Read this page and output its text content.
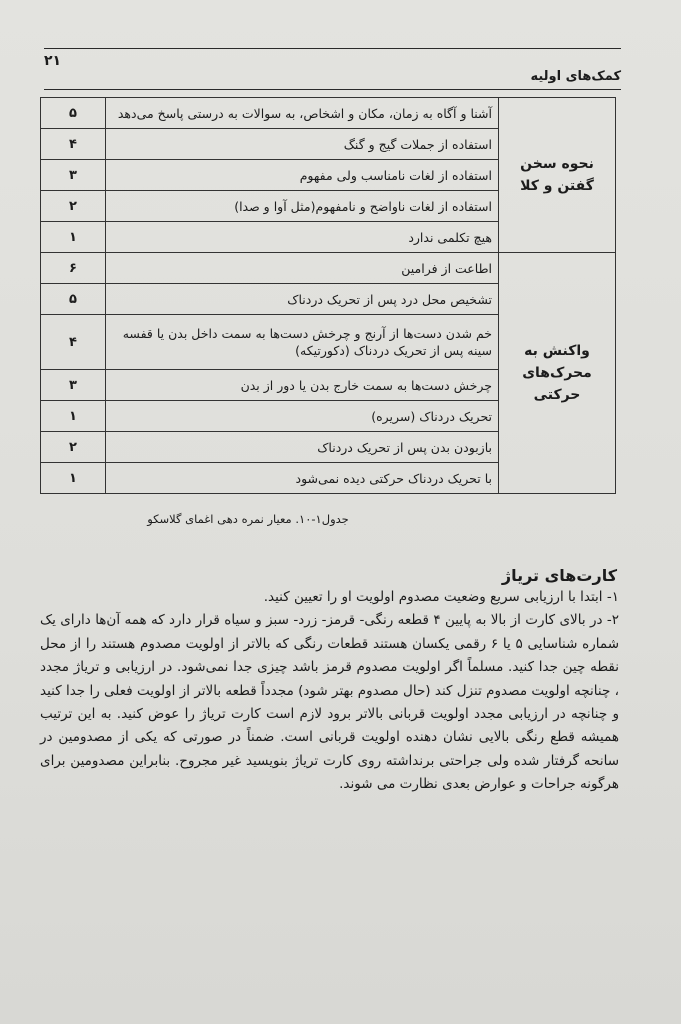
۲۱
کمک‌های اولیه
نحوه سخن گفتن و کلا	آشنا و آگاه به زمان، مکان و اشخاص، به سوالات به درستی پاسخ می‌دهد	۵
	استفاده از جملات گیج و گنگ	۴
	استفاده از لغات نامناسب ولی مفهوم	۳
	استفاده از لغات ناواضح و نامفهوم(مثل آوا و صدا)	۲
	هیچ تکلمی ندارد	۱
واکنش به محرک‌های حرکتی	اطاعت از فرامین	۶
	تشخیص محل درد پس از تحریک دردناک	۵
	خم شدن دست‌ها از آرنج و چرخش دست‌ها به سمت داخل بدن یا قفسه سینه پس از تحریک دردناک (دکورتیکه)	۴
	چرخش دست‌ها به سمت خارج بدن یا دور از بدن	۳
	تحریک دردناک (سریره)	۱
	بازبودن بدن پس از تحریک دردناک	۲
	با تحریک دردناک حرکتی دیده نمی‌شود	۱
جدول۱-۱۰. معیار نمره دهی اغمای گلاسکو
کارت‌های تریاژ

۱- ابتدا با ارزیابی سریع وضعیت مصدوم اولویت او را تعیین کنید.

۲- در بالای کارت از بالا به پایین ۴ قطعه رنگی- قرمز- زرد- سبز و سیاه قرار دارد که همه آن‌ها دارای یک شماره شناسایی ۵ یا ۶ رقمی یکسان هستند قطعات رنگی که بالاتر از اولویت مصدوم هستند را از محل نقطه چین جدا کنید. مسلماً اگر اولویت مصدوم قرمز باشد چیزی جدا نمی‌شود. در ارزیابی و تریاژ مجدد ، چنانچه اولویت مصدوم تنزل کند (حال مصدوم بهتر شود) مجدداً قطعه بالاتر از اولویت فعلی را جدا کنید و چنانچه در ارزیابی مجدد اولویت قربانی بالاتر برود لازم است کارت تریاژ را عوض کنید. به این ترتیب همیشه قطع رنگی بالایی نشان دهنده اولویت قربانی است. ضمناً در صورتی که یکی از مصدومین در سانحه گرفتار شده ولی جراحتی برنداشته روی کارت تریاژ بنویسید غیر مجروح. بنابراین مصدومین برای هرگونه جراحات و عوارض بعدی نظارت می شوند.
